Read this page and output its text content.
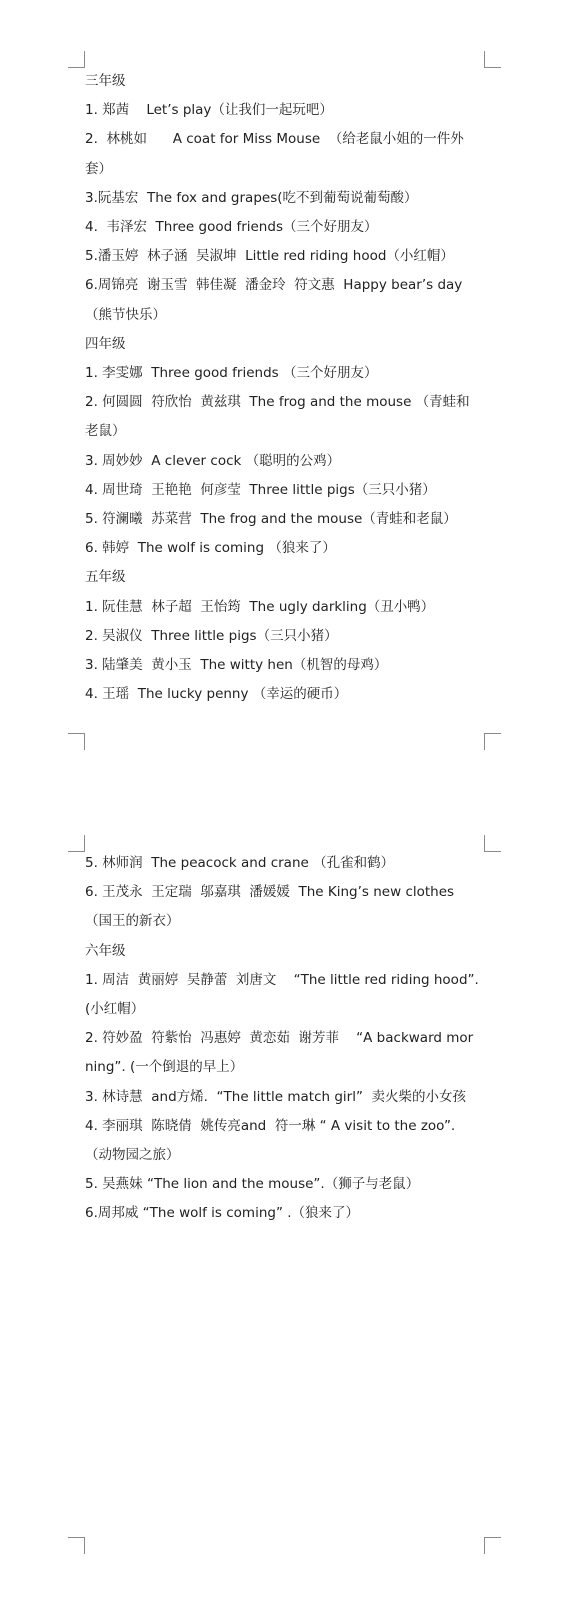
三年级
1. 郑茜    Let’s play（让我们一起玩吧）
2.  林桃如      A coat for Miss Mouse  （给老鼠小姐的一件外套）
3.阮基宏  The fox and grapes(吃不到葡萄说葡萄酸）
4.  韦泽宏  Three good friends（三个好朋友）
5.潘玉婷  林子涵  吴淑坤  Little red riding hood（小红帽）
6.周锦亮  谢玉雪  韩佳凝  潘金玲  符文惠  Happy bear’s day（熊节快乐）
四年级
1. 李雯娜  Three good friends （三个好朋友）
2. 何圆圆  符欣怡  黄兹琪  The frog and the mouse （青蛙和老鼠）
3. 周妙妙  A clever cock （聪明的公鸡）
4. 周世琦  王艳艳  何彦莹  Three little pigs（三只小猪）
5. 符澜曦  苏菜营  The frog and the mouse（青蛙和老鼠）
6. 韩婷  The wolf is coming （狼来了）
五年级
1. 阮佳慧  林子超  王怡筠  The ugly darkling（丑小鸭）
2. 吴淑仪  Three little pigs（三只小猪）
3. 陆肇美  黄小玉  The witty hen（机智的母鸡）
4. 王瑶  The lucky penny （幸运的硬币）
5. 林师润  The peacock and crane （孔雀和鹤）
6. 王茂永  王定瑞  邬嘉琪  潘媛媛  The King’s new clothes（国王的新衣）
六年级
1. 周洁  黄丽婷  吴静蕾  刘唐文    “The little red riding hood”. (小红帽）
2. 符妙盈  符紫怡  冯惠婷  黄恋茹  谢芳菲    “A backward morning”. (一个倒退的早上）
3. 林诗慧  and方烯.  “The little match girl”  卖火柴的小女孩
4. 李丽琪  陈晓倩  姚传亮and  符一琳 “ A visit to the zoo”.（动物园之旅）
5. 吴燕妹 “The lion and the mouse”.（狮子与老鼠）
6.周邦威 “The wolf is coming” .（狼来了）
